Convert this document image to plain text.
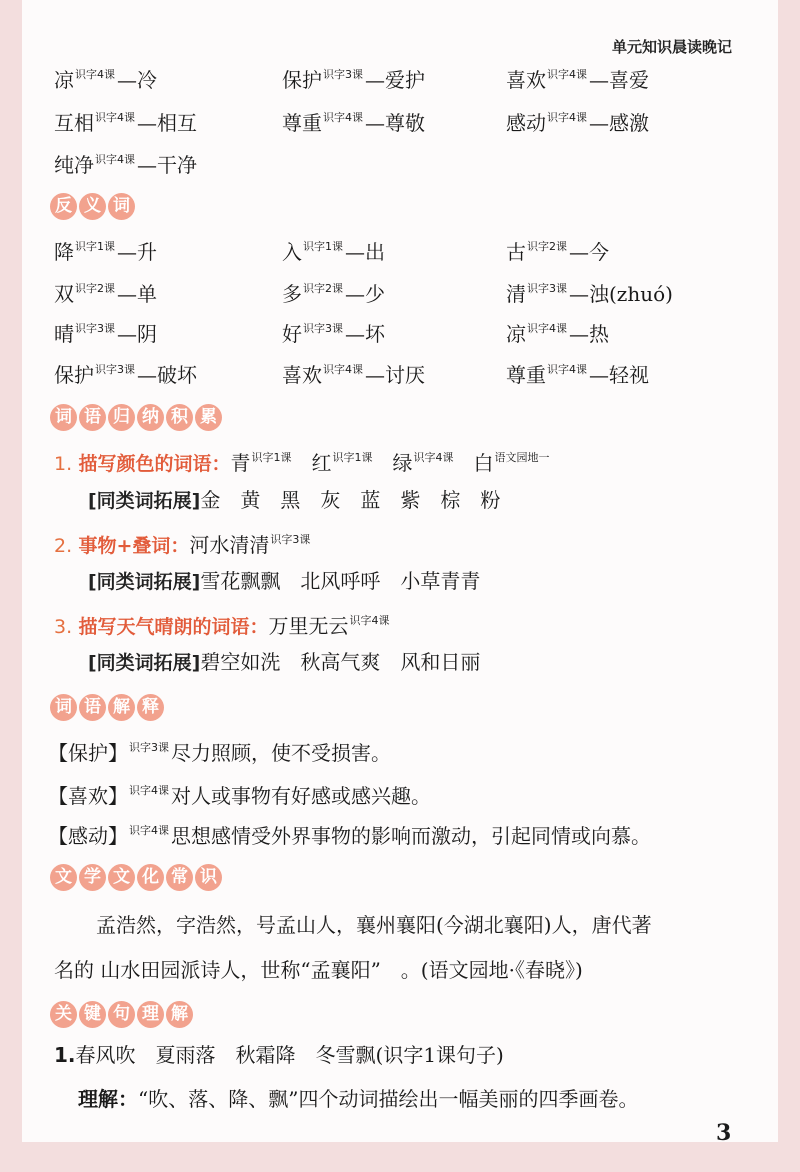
单元知识晨读晚记
凉$^{识字4课}$ —冷	保护$^{识字3课}$ —爱护	喜欢$^{识字4课}$ —喜爱
互相$^{识字4课}$ —相互	尊重$^{识字4课}$ —尊敬	感动$^{识字4课}$ —感激
纯净$^{识字4课}$ —干净
反 义 词
降$^{识字1课}$ —升	入$^{识字1课}$ —出	古$^{识字2课}$ —今
双$^{识字2课}$ —单	多$^{识字2课}$ —少	清$^{识字3课}$ —浊(zhuó)
晴$^{识字3课}$ —阴	好$^{识字3课}$ —坏	凉$^{识字4课}$ —热
保护$^{识字3课}$ —破坏	喜欢$^{识字4课}$ —讨厌	尊重$^{识字4课}$ —轻视
词 语 归 纳 积 累
1. 描写颜色的词语：青$^{识字1课}$ 红$^{识字1课}$ 绿$^{识字4课}$ 白$^{语文园地一}$
[同类词拓展]金　黄　黑　灰　蓝　紫　棕　粉
2. 事物+叠词：河水清清$^{识字3课}$
[同类词拓展]雪花飘飘　北风呼呼　小草青青
3. 描写天气晴朗的词语：万里无云$^{识字4课}$
[同类词拓展]碧空如洗　秋高气爽　风和日丽
词 语 解 释
【保护】$^{识字3课}$ 尽力照顾，使不受损害。
【喜欢】$^{识字4课}$ 对人或事物有好感或感兴趣。
【感动】$^{识字4课}$ 思想感情受外界事物的影响而激动，引起同情或向慕。
文 学 文 化 常 识
孟浩然，字浩然，号孟山人，襄州襄阳(今湖北襄阳)人，唐代著
名的 山水田园派诗人，世称“孟襄阳”　。(语文园地·《春晓》)
关 键 句 理 解
1.春风吹　夏雨落　秋霜降　冬雪飘(识字1课句子)
理解：“吹、落、降、飘”四个动词描绘出一幅美丽的四季画卷。
3
